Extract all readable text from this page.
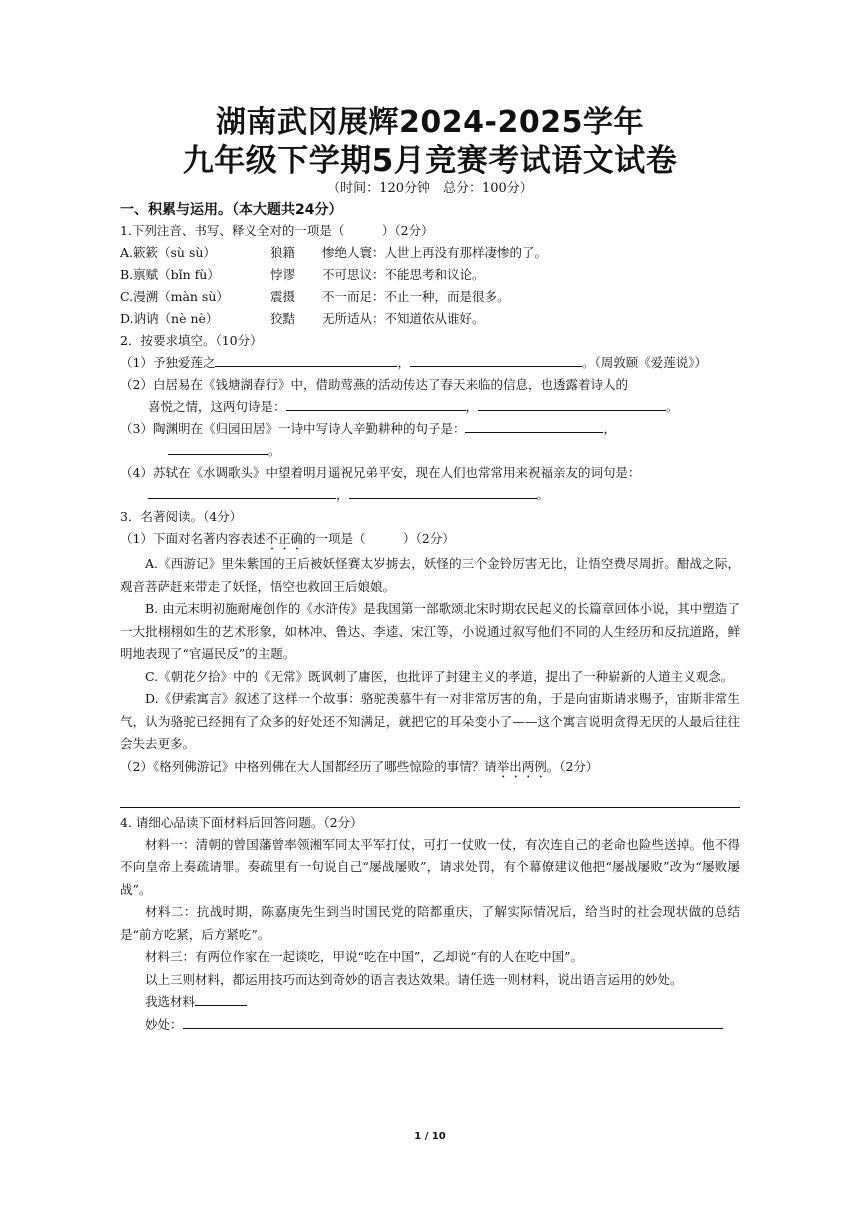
湖南武冈展辉2024-2025学年
九年级下学期5月竞赛考试语文试卷
（时间：120分钟　总分：100分）
一、积累与运用。（本大题共24分）
1.下列注音、书写、释义全对的一项是（　　　）（2分）
A.簌簌（sù sù）	狼籍	惨绝人寰：人世上再没有那样凄惨的了。
B.禀赋（bǐn fù）	悖谬	不可思议：不能思考和议论。
C.漫溯（màn sù）	震摄	不一而足：不止一种，而是很多。
D.讷讷（nè nè）	狡黠	无所适从：不知道依从谁好。
2．按要求填空。（10分）
（1）予独爱莲之	，	。（周敦颐《爱莲说》）
（2）白居易在《钱塘湖春行》中，借助莺燕的活动传达了春天来临的信息，也透露着诗人的
喜悦之情，这两句诗是：	，	。
（3）陶渊明在《归园田居》一诗中写诗人辛勤耕种的句子是：	，
。
（4）苏轼在《水调歌头》中望着明月遥祝兄弟平安，现在人们也常常用来祝福亲友的词句是：
，	。
3．名著阅读。（4分）
（1）下面对名著内容表述不正确的一项是（　　　）（2分）
A.《西游记》里朱紫国的王后被妖怪赛太岁掳去，妖怪的三个金铃厉害无比，让悟空费尽周折。酣战之际，观音菩萨赶来带走了妖怪，悟空也救回王后娘娘。
B. 由元末明初施耐庵创作的《水浒传》是我国第一部歌颂北宋时期农民起义的长篇章回体小说，其中塑造了一大批栩栩如生的艺术形象，如林冲、鲁达、李逵、宋江等，小说通过叙写他们不同的人生经历和反抗道路，鲜明地表现了“官逼民反”的主题。
C.《朝花夕拾》中的《无常》既讽刺了庸医，也批评了封建主义的孝道，提出了一种崭新的人道主义观念。
D.《伊索寓言》叙述了这样一个故事：骆驼羡慕牛有一对非常厉害的角，于是向宙斯请求赐予，宙斯非常生气，认为骆驼已经拥有了众多的好处还不知满足，就把它的耳朵变小了——这个寓言说明贪得无厌的人最后往往会失去更多。
（2）《格列佛游记》中格列佛在大人国都经历了哪些惊险的事情？请举出两例。（2分）
4. 请细心品读下面材料后回答问题。（2分）
材料一：清朝的曾国藩曾率领湘军同太平军打仗，可打一仗败一仗，有次连自己的老命也险些送掉。他不得不向皇帝上奏疏请罪。奏疏里有一句说自己“屡战屡败”，请求处罚，有个幕僚建议他把“屡战屡败”改为“屡败屡战”。
材料二：抗战时期，陈嘉庚先生到当时国民党的陪都重庆，了解实际情况后，给当时的社会现状做的总结是“前方吃紧，后方紧吃”。
材料三：有两位作家在一起谈吃，甲说“吃在中国”，乙却说“有的人在吃中国”。
以上三则材料，都运用技巧而达到奇妙的语言表达效果。请任选一则材料，说出语言运用的妙处。
我选材料
妙处：
1 / 10
